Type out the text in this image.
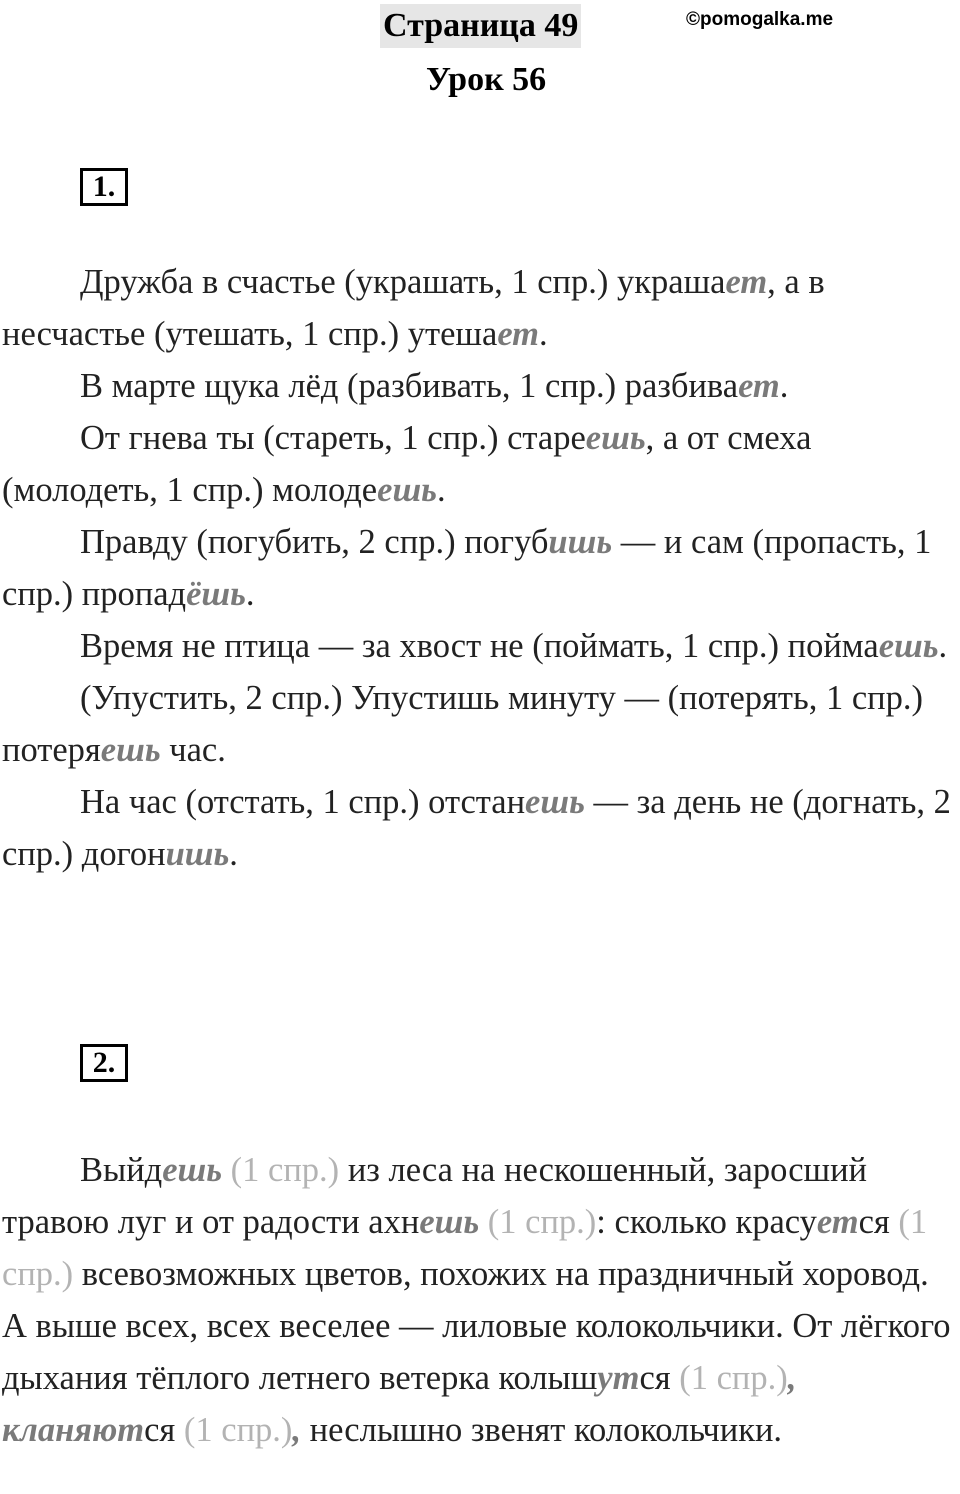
Страница 49	©pomogalka.me
Урок 56
1.

Дружба в счастье (украшать, 1 спр.) украшает, а в несчастье (утешать, 1 спр.) утешает.

В марте щука лёд (разбивать, 1 спр.) разбивает.

От гнева ты (стареть, 1 спр.) стареешь, а от смеха (молодеть, 1 спр.) молодеешь.

Правду (погубить, 2 спр.) погубишь — и сам (пропасть, 1 спр.) пропадёшь.

Время не птица — за хвост не (поймать, 1 спр.) поймаешь.

(Упустить, 2 спр.) Упустишь минуту — (потерять, 1 спр.) потеряешь час.

На час (отстать, 1 спр.) отстанешь — за день не (догнать, 2 спр.) догонишь.

2.

Выйдешь (1 спр.) из леса на нескошенный, заросший травою луг и от радости ахнешь (1 спр.): сколько красуется (1 спр.) всевозможных цветов, похожих на праздничный хоровод. А выше всех, всех веселее — лиловые колокольчики. От лёгкого дыхания тёплого летнего ветерка колышутся (1 спр.), кланяются (1 спр.), неслышно звенят колокольчики.
